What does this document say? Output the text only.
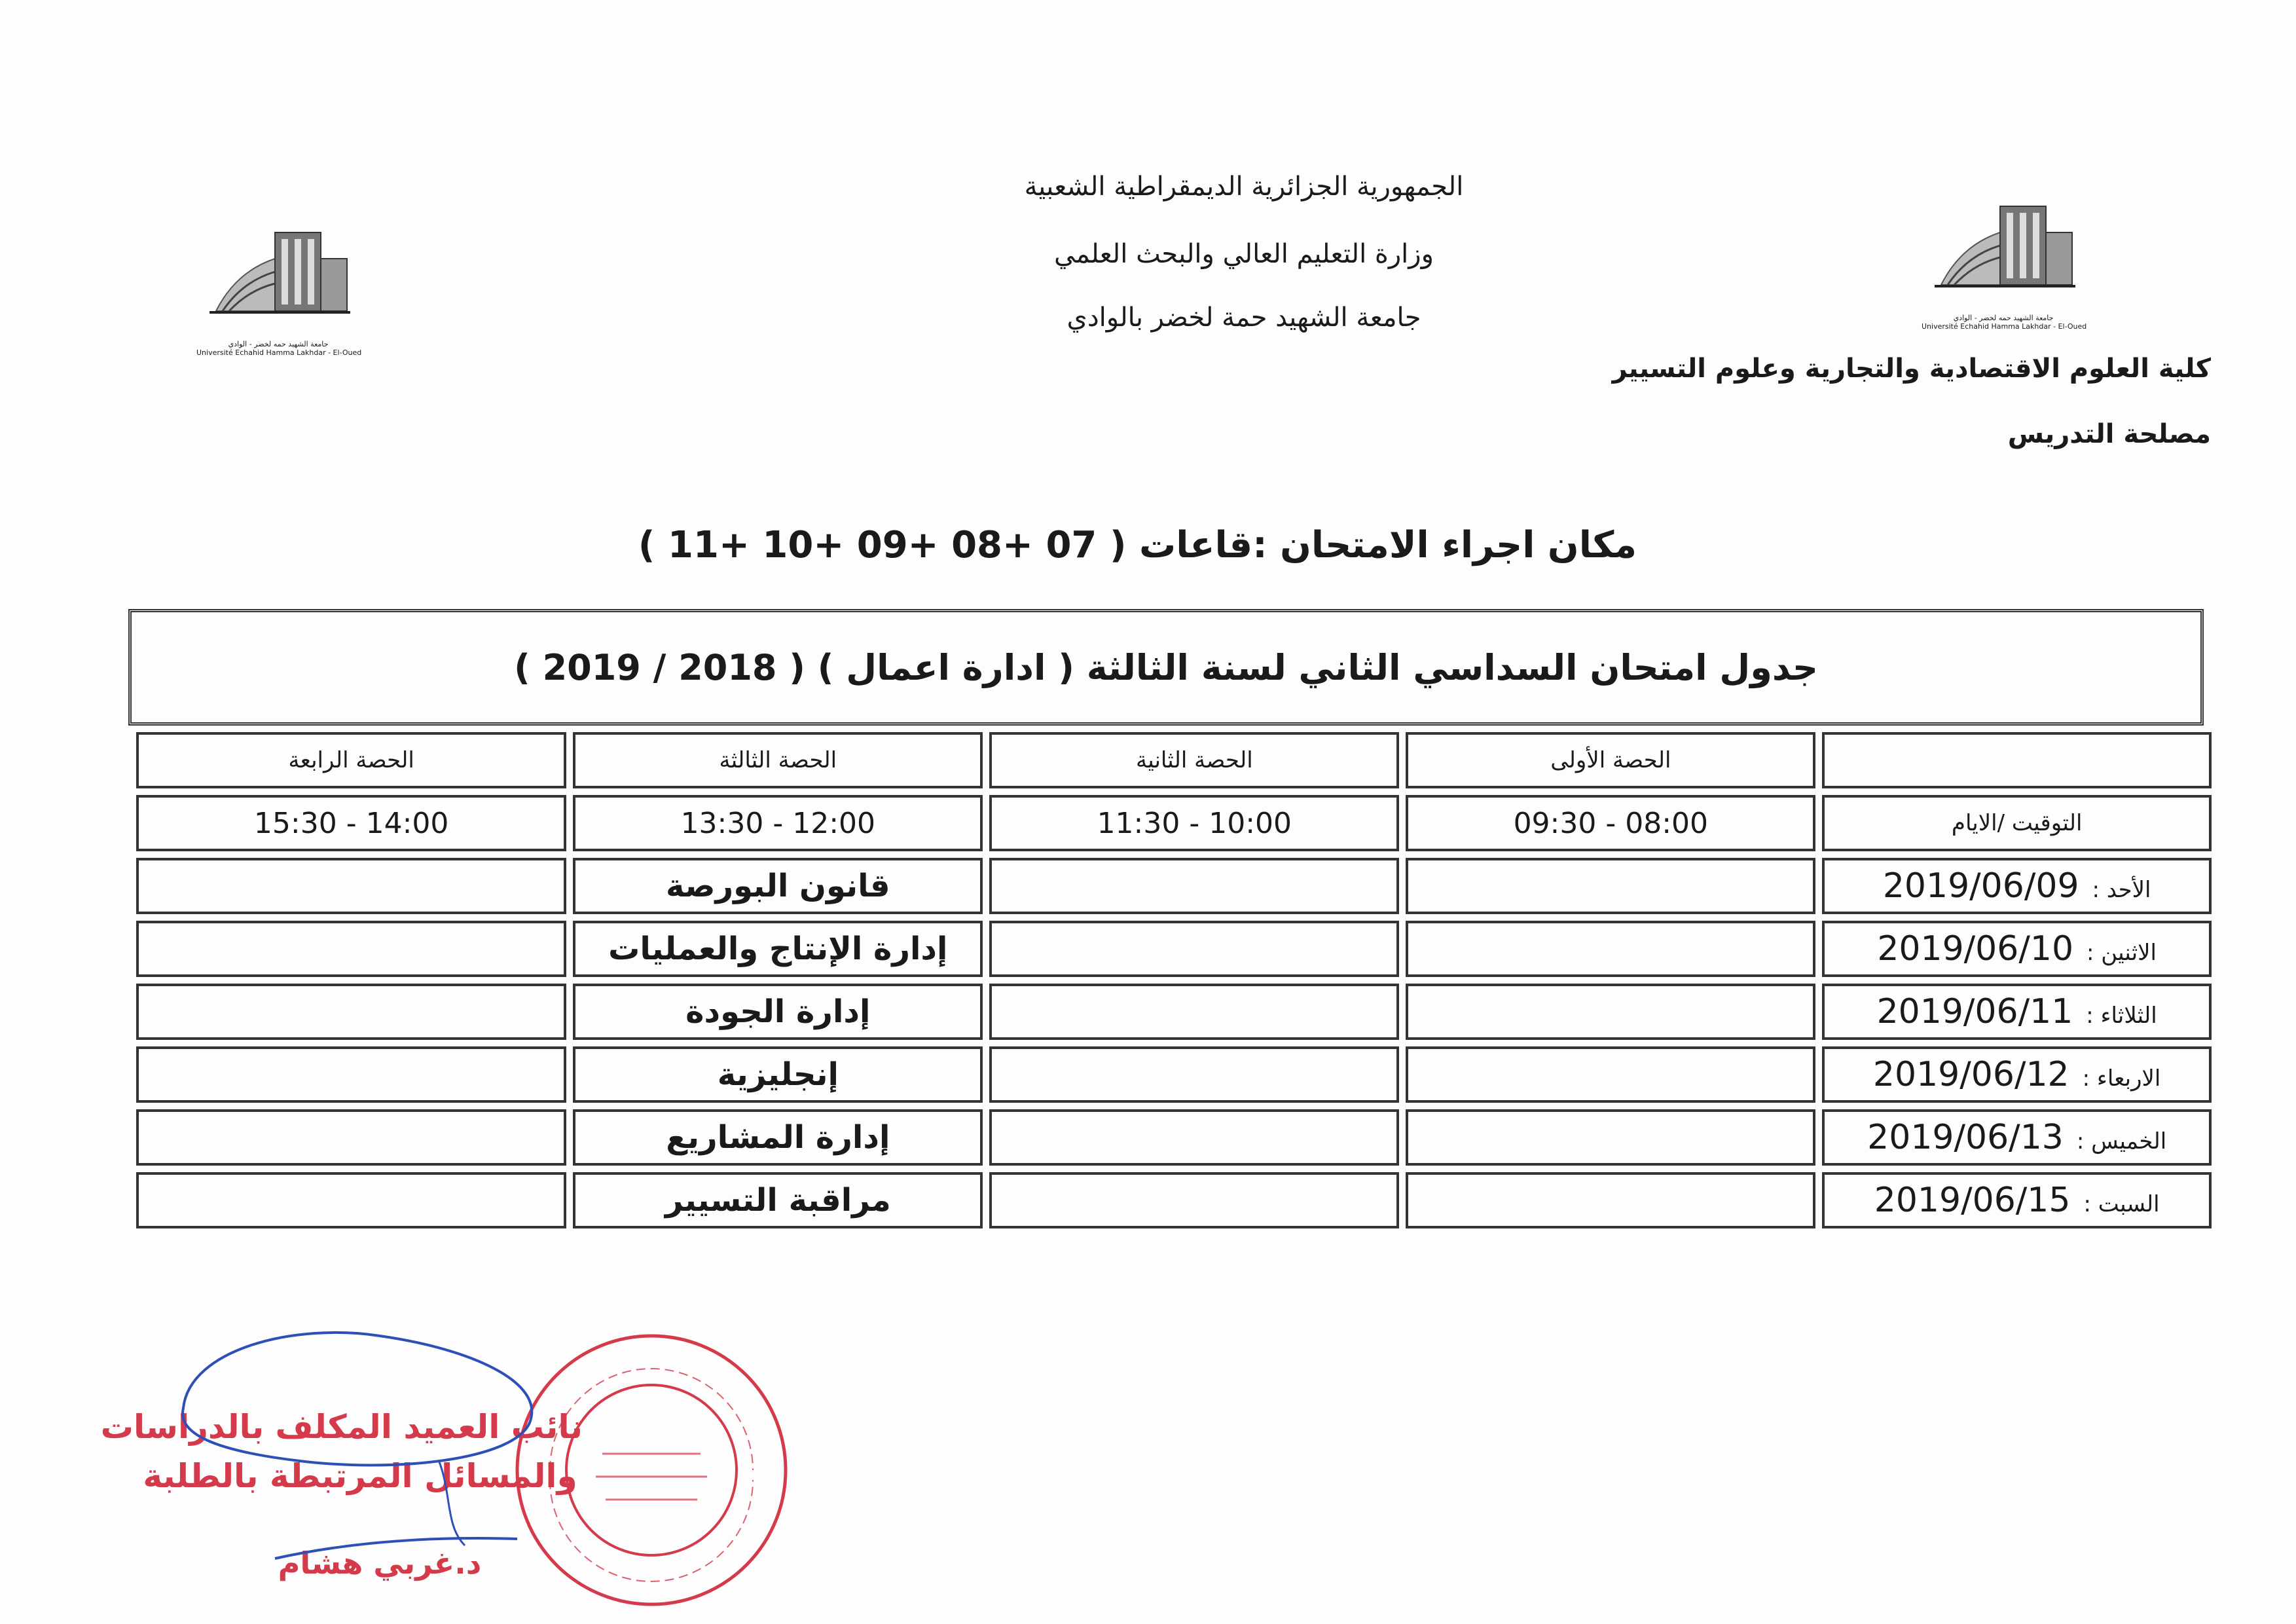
الجمهورية الجزائرية الديمقراطية الشعبية
وزارة التعليم العالي والبحث العلمي
جامعة الشهيد حمة لخضر بالوادي
جامعة الشهيد حمه لخضر - الوادي
Université Echahid Hamma Lakhdar - El-Oued
جامعة الشهيد حمه لخضر - الوادي
Université Echahid Hamma Lakhdar - El-Oued
كلية العلوم الاقتصادية والتجارية وعلوم التسيير
مصلحة التدريس
مكان اجراء الامتحان :قاعات ( 07 +08 +09 +10 +11 )
جدول امتحان السداسي الثاني لسنة الثالثة ( ادارة اعمال ) ( 2018 / 2019 )
	الحصة الأولى	الحصة الثانية	الحصة الثالثة	الحصة الرابعة
التوقيت /الايام	08:00 - 09:30	10:00 - 11:30	12:00 - 13:30	14:00 - 15:30
الأحد :2019/06/09			قانون البورصة	
الاثنين :2019/06/10			إدارة الإنتاج والعمليات	
الثلاثاء :2019/06/11			إدارة الجودة	
الاربعاء :2019/06/12			إنجليزية	
الخميس :2019/06/13			إدارة المشاريع	
السبت :2019/06/15			مراقبة التسيير	
نائب العميد المكلف بالدراسات
والمسائل المرتبطة بالطلبة
د.غربي هشام
